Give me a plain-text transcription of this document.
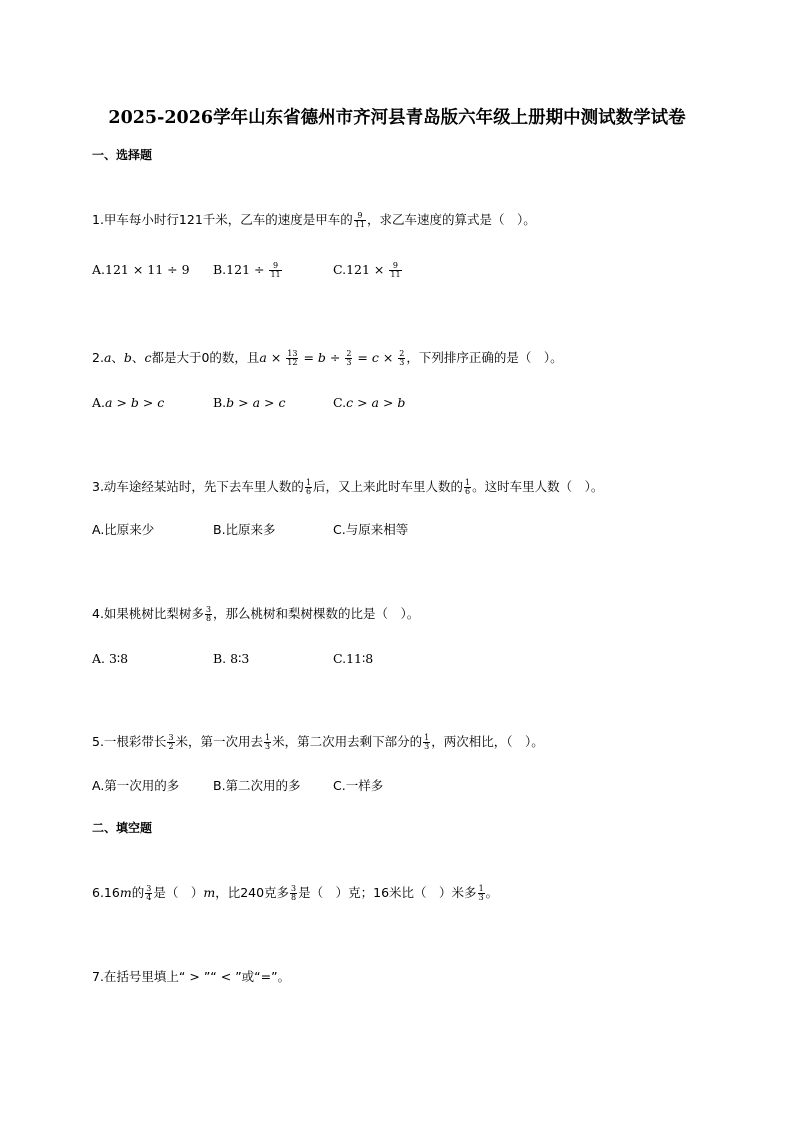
2025-2026学年山东省德州市齐河县青岛版六年级上册期中测试数学试卷
一、选择题
1.甲车每小时行121千米，乙车的速度是甲车的 $\frac{9}{11}$ ，求乙车速度的算式是（　）。
A.121 × 11 ÷ 9 $B.121 \div \frac{9}{11}$	$C.121 \times \frac{9}{11}$
2.a、b、c都是大于0的数，且$a \times \frac{13}{12} = b \div \frac{2}{3} = c \times \frac{2}{3}$ ，下列排序正确的是（　）。
A.a > b > c	B.b > a > c	C.c > a > b
3.动车途经某站时，先下去车里人数的 $\frac{1}{6}$ 后，又上来此时车里人数的 $\frac{1}{6}$ 。这时车里人数（　）。
A.比原来少	B.比原来多	C.与原来相等
4.如果桃树比梨树多 $\frac{3}{8}$ ，那么桃树和梨树棵数的比是（　）。
A. 3∶8	B. 8∶3	C.11∶8
5.一根彩带长 $\frac{3}{2}$ 米，第一次用去 $\frac{1}{3}$ 米，第二次用去剩下部分的 $\frac{1}{3}$ ，两次相比，（　）。
A.第一次用的多	B.第二次用的多	C.一样多
二、填空题
6.16m的 $\frac{3}{4}$ 是（　）m，比240克多 $\frac{3}{8}$ 是（　）克；16米比（　）米多 $\frac{1}{3}$ 。
7.在括号里填上“ > ”“ < ”或“=”。
